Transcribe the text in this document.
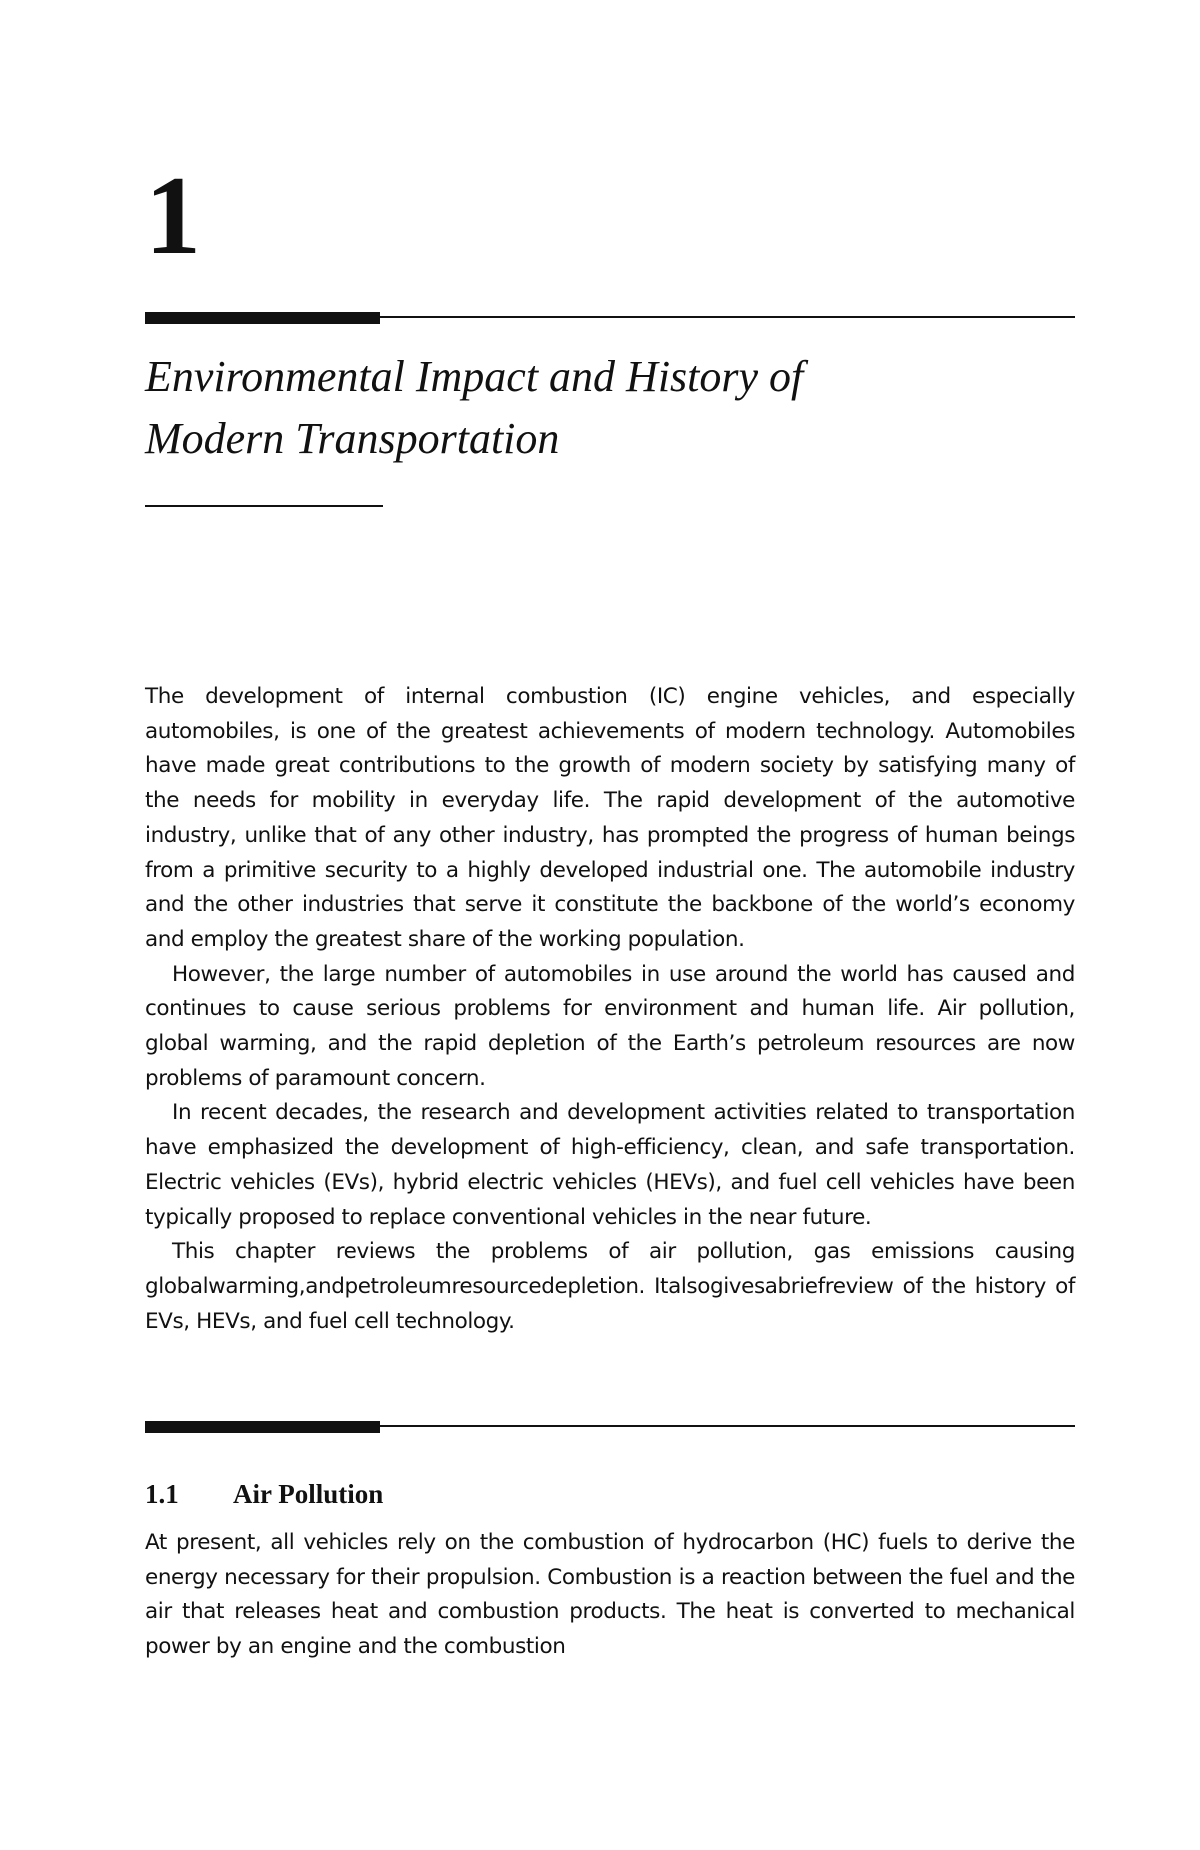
1
Environmental Impact and History of
Modern Transportation

The development of internal combustion (IC) engine vehicles, and especially automobiles, is one of the greatest achievements of modern technology. Automobiles have made great contributions to the growth of modern society by satisfying many of the needs for mobility in everyday life. The rapid development of the automotive industry, unlike that of any other industry, has prompted the progress of human beings from a primitive security to a highly developed industrial one. The automobile industry and the other industries that serve it constitute the backbone of the world’s economy and employ the greatest share of the working population.

However, the large number of automobiles in use around the world has caused and continues to cause serious problems for environment and human life. Air pollution, global warming, and the rapid depletion of the Earth’s petroleum resources are now problems of paramount concern.

In recent decades, the research and development activities related to transportation have emphasized the development of high-efficiency, clean, and safe transportation. Electric vehicles (EVs), hybrid electric vehicles (HEVs), and fuel cell vehicles have been typically proposed to replace conventional vehicles in the near future.

This chapter reviews the problems of air pollution, gas emissions causing globalwarming,andpetroleumresourcedepletion. Italsogivesabriefreview of the history of EVs, HEVs, and fuel cell technology.

1.1 Air Pollution

At present, all vehicles rely on the combustion of hydrocarbon (HC) fuels to derive the energy necessary for their propulsion. Combustion is a reaction between the fuel and the air that releases heat and combustion products. The heat is converted to mechanical power by an engine and the combustion
